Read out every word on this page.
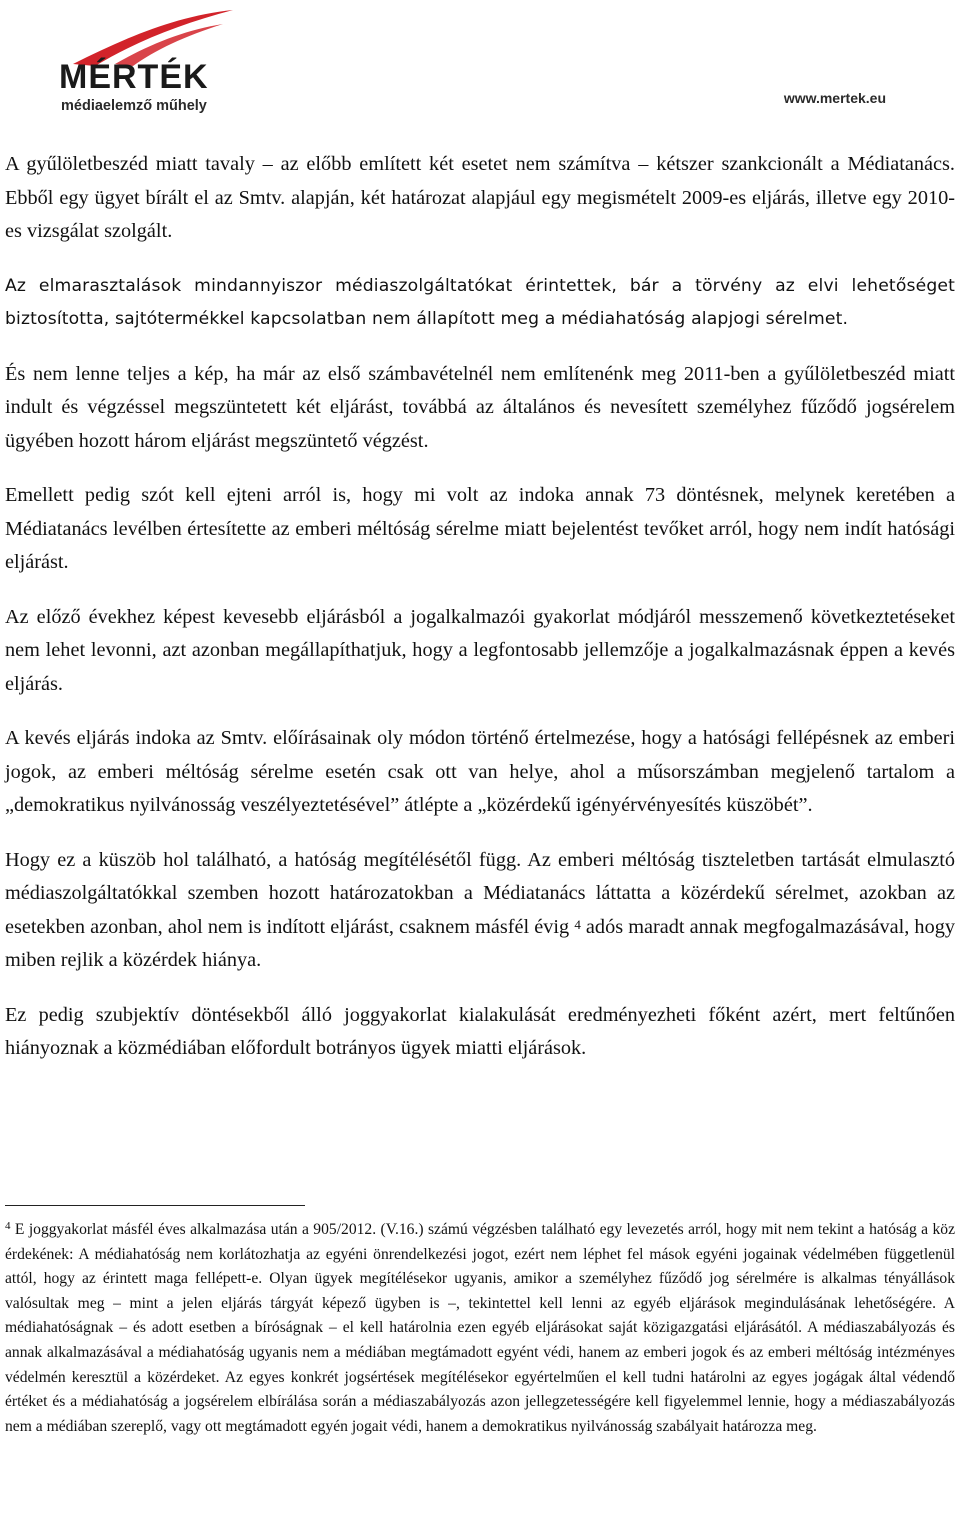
MÉRTÉK
médiaelemző műhely	www.mertek.eu

A gyűlöletbeszéd miatt tavaly – az előbb említett két esetet nem számítva – kétszer szankcionált a Médiatanács. Ebből egy ügyet bírált el az Smtv. alapján, két határozat alapjául egy megismételt 2009-es eljárás, illetve egy 2010-es vizsgálat szolgált.

Az elmarasztalások mindannyiszor médiaszolgáltatókat érintettek, bár a törvény az elvi lehetőséget biztosította, sajtótermékkel kapcsolatban nem állapított meg a médiahatóság alapjogi sérelmet.

És nem lenne teljes a kép, ha már az első számbavételnél nem említenénk meg 2011-ben a gyűlöletbeszéd miatt indult és végzéssel megszüntetett két eljárást, továbbá az általános és nevesített személyhez fűződő jogsérelem ügyében hozott három eljárást megszüntető végzést.

Emellett pedig szót kell ejteni arról is, hogy mi volt az indoka annak 73 döntésnek, melynek keretében a Médiatanács levélben értesítette az emberi méltóság sérelme miatt bejelentést tevőket arról, hogy nem indít hatósági eljárást.

Az előző évekhez képest kevesebb eljárásból a jogalkalmazói gyakorlat módjáról messzemenő következtetéseket nem lehet levonni, azt azonban megállapíthatjuk, hogy a legfontosabb jellemzője a jogalkalmazásnak éppen a kevés eljárás.

A kevés eljárás indoka az Smtv. előírásainak oly módon történő értelmezése, hogy a hatósági fellépésnek az emberi jogok, az emberi méltóság sérelme esetén csak ott van helye, ahol a műsorszámban megjelenő tartalom a „demokratikus nyilvánosság veszélyeztetésével” átlépte a „közérdekű igényérvényesítés küszöbét”.

Hogy ez a küszöb hol található, a hatóság megítélésétől függ. Az emberi méltóság tiszteletben tartását elmulasztó médiaszolgáltatókkal szemben hozott határozatokban a Médiatanács láttatta a közérdekű sérelmet, azokban az esetekben azonban, ahol nem is indított eljárást, csaknem másfél évig $^4$ adós maradt annak megfogalmazásával, hogy miben rejlik a közérdek hiánya.

Ez pedig szubjektív döntésekből álló joggyakorlat kialakulását eredményezheti főként azért, mert feltűnően hiányoznak a közmédiában előfordult botrányos ügyek miatti eljárások.

$^4$ E joggyakorlat másfél éves alkalmazása után a 905/2012. (V.16.) számú végzésben található egy levezetés arról, hogy mit nem tekint a hatóság a köz érdekének: A médiahatóság nem korlátozhatja az egyéni önrendelkezési jogot, ezért nem léphet fel mások egyéni jogainak védelmében függetlenül attól, hogy az érintett maga fellépett-e. Olyan ügyek megítélésekor ugyanis, amikor a személyhez fűződő jog sérelmére is alkalmas tényállások valósultak meg – mint a jelen eljárás tárgyát képező ügyben is –, tekintettel kell lenni az egyéb eljárások megindulásának lehetőségére. A médiahatóságnak – és adott esetben a bíróságnak – el kell határolnia ezen egyéb eljárásokat saját közigazgatási eljárásától. A médiaszabályozás és annak alkalmazásával a médiahatóság ugyanis nem a médiában megtámadott egyént védi, hanem az emberi jogok és az emberi méltóság intézményes védelmén keresztül a közérdeket. Az egyes konkrét jogsértések megítélésekor egyértelműen el kell tudni határolni az egyes jogágak által védendő értéket és a médiahatóság a jogsérelem elbírálása során a médiaszabályozás azon jellegzetességére kell figyelemmel lennie, hogy a médiaszabályozás nem a médiában szereplő, vagy ott megtámadott egyén jogait védi, hanem a demokratikus nyilvánosság szabályait határozza meg.
